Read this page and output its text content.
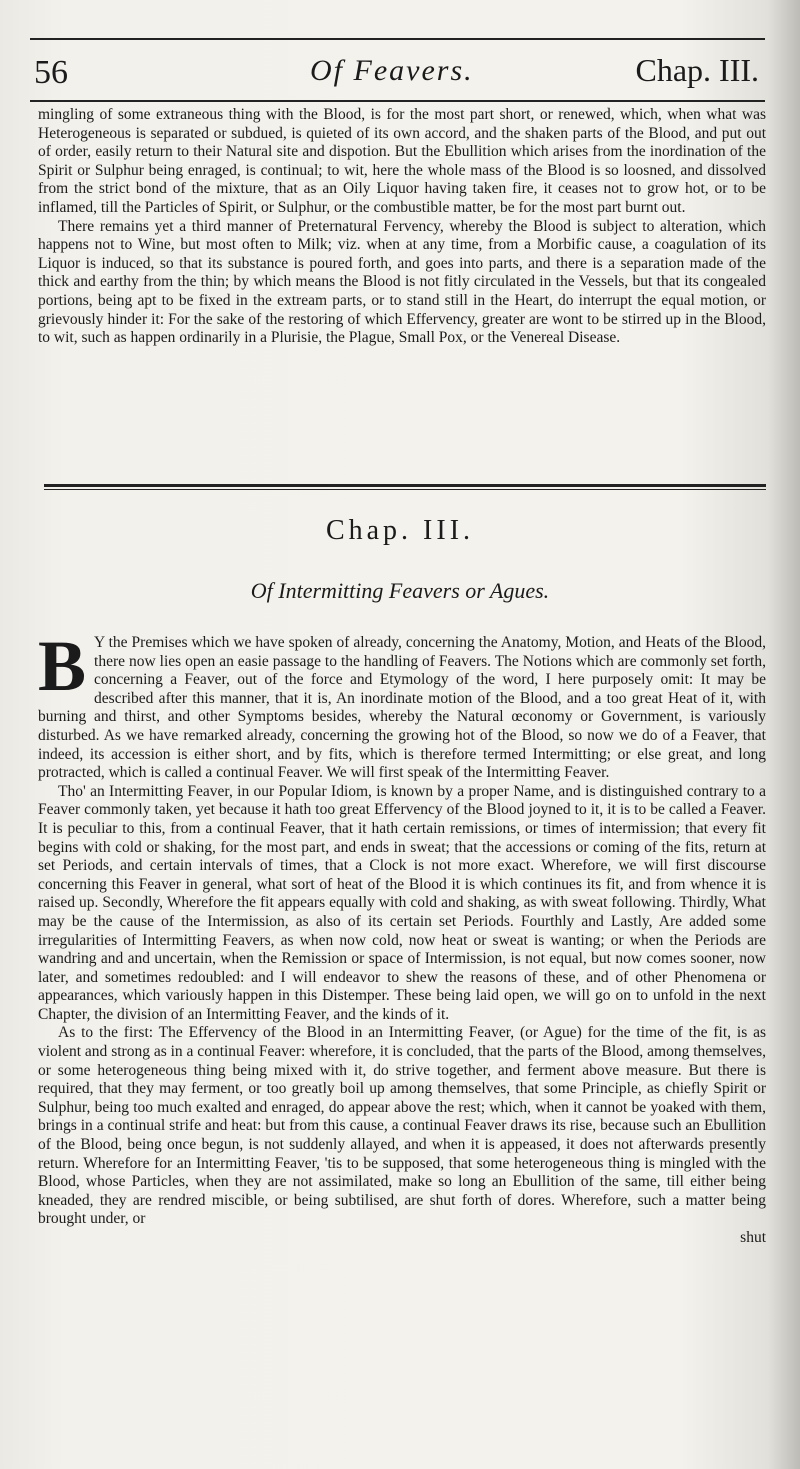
56	Of Feavers.	Chap. III.

mingling of some extraneous thing with the Blood, is for the most part short, or renewed, which, when what was Heterogeneous is separated or subdued, is quieted of its own accord, and the shaken parts of the Blood, and put out of order, easily return to their Natural site and dispotion. But the Ebullition which arises from the inordination of the Spirit or Sulphur being enraged, is continual; to wit, here the whole mass of the Blood is so loosned, and dissolved from the strict bond of the mixture, that as an Oily Liquor having taken fire, it ceases not to grow hot, or to be inflamed, till the Particles of Spirit, or Sulphur, or the combustible matter, be for the most part burnt out.

There remains yet a third manner of Preternatural Fervency, whereby the Blood is subject to alteration, which happens not to Wine, but most often to Milk; viz. when at any time, from a Morbific cause, a coagulation of its Liquor is induced, so that its substance is poured forth, and goes into parts, and there is a separation made of the thick and earthy from the thin; by which means the Blood is not fitly circulated in the Vessels, but that its congealed portions, being apt to be fixed in the extream parts, or to stand still in the Heart, do interrupt the equal motion, or grievously hinder it: For the sake of the restoring of which Effervency, greater are wont to be stirred up in the Blood, to wit, such as happen ordinarily in a Plurisie, the Plague, Small Pox, or the Venereal Disease.

Chap. III.
Of Intermitting Feavers or Agues.

B Y the Premises which we have spoken of already, concerning the Anatomy, Motion, and Heats of the Blood, there now lies open an easie passage to the handling of Feavers. The Notions which are commonly set forth, concerning a Feaver, out of the force and Etymology of the word, I here purposely omit: It may be described after this manner, that it is, An inordinate motion of the Blood, and a too great Heat of it, with burning and thirst, and other Symptoms besides, whereby the Natural œconomy or Government, is variously disturbed. As we have remarked already, concerning the growing hot of the Blood, so now we do of a Feaver, that indeed, its accession is either short, and by fits, which is therefore termed Intermitting; or else great, and long protracted, which is called a continual Feaver. We will first speak of the Intermitting Feaver.

Tho' an Intermitting Feaver, in our Popular Idiom, is known by a proper Name, and is distinguished contrary to a Feaver commonly taken, yet because it hath too great Effervency of the Blood joyned to it, it is to be called a Feaver. It is peculiar to this, from a continual Feaver, that it hath certain remissions, or times of intermission; that every fit begins with cold or shaking, for the most part, and ends in sweat; that the accessions or coming of the fits, return at set Periods, and certain intervals of times, that a Clock is not more exact. Wherefore, we will first discourse concerning this Feaver in general, what sort of heat of the Blood it is which continues its fit, and from whence it is raised up. Secondly, Wherefore the fit appears equally with cold and shaking, as with sweat following. Thirdly, What may be the cause of the Intermission, as also of its certain set Periods. Fourthly and Lastly, Are added some irregularities of Intermitting Feavers, as when now cold, now heat or sweat is wanting; or when the Periods are wandring and and uncertain, when the Remission or space of Intermission, is not equal, but now comes sooner, now later, and sometimes redoubled: and I will endeavor to shew the reasons of these, and of other Phenomena or appearances, which variously happen in this Distemper. These being laid open, we will go on to unfold in the next Chapter, the division of an Intermitting Feaver, and the kinds of it.

As to the first: The Effervency of the Blood in an Intermitting Feaver, (or Ague) for the time of the fit, is as violent and strong as in a continual Feaver: wherefore, it is concluded, that the parts of the Blood, among themselves, or some heterogeneous thing being mixed with it, do strive together, and ferment above measure. But there is required, that they may ferment, or too greatly boil up among themselves, that some Principle, as chiefly Spirit or Sulphur, being too much exalted and enraged, do appear above the rest; which, when it cannot be yoaked with them, brings in a continual strife and heat: but from this cause, a continual Feaver draws its rise, because such an Ebullition of the Blood, being once begun, is not suddenly allayed, and when it is appeased, it does not afterwards presently return. Wherefore for an Intermitting Feaver, 'tis to be supposed, that some heterogeneous thing is mingled with the Blood, whose Particles, when they are not assimilated, make so long an Ebullition of the same, till either being kneaded, they are rendred miscible, or being subtilised, are shut forth of dores. Wherefore, such a matter being brought under, or

shut
